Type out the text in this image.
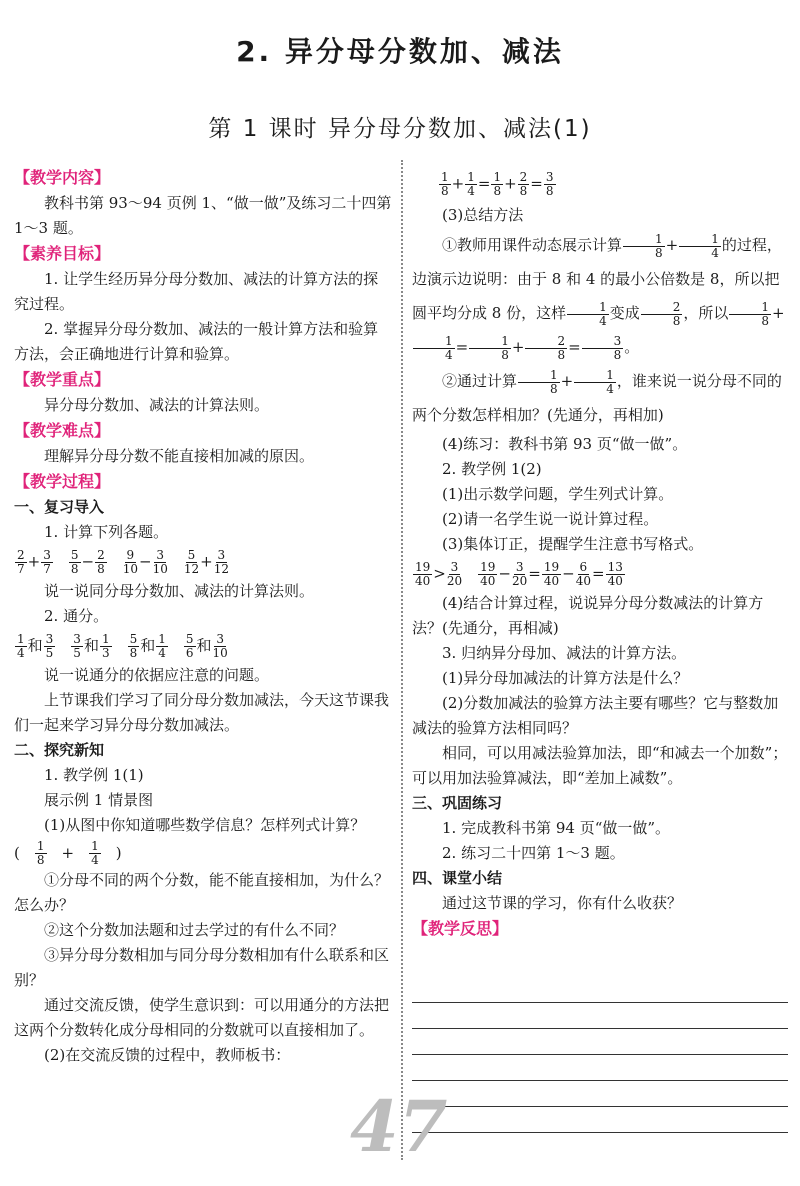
2. 异分母分数加、减法
第 1 课时 异分母分数加、减法(1)
【教学内容】

教科书第 93～94 页例 1、“做一做”及练习二十四第 1～3 题。

【素养目标】

1. 让学生经历异分母分数加、减法的计算方法的探究过程。

2. 掌握异分母分数加、减法的一般计算方法和验算方法，会正确地进行计算和验算。

【教学重点】

异分母分数加、减法的计算法则。

【教学难点】

理解异分母分数不能直接相加减的原因。

【教学过程】
一、复习导入

1. 计算下列各题。

$\frac{2}{7} + \frac{3}{7} \frac{5}{8} - \frac{2}{8} \frac{9}{10} - \frac{3}{10} \frac{5}{12} + \frac{3}{12}$

说一说同分母分数加、减法的计算法则。

2. 通分。

$\frac{1}{4}$ 和 $\frac{3}{5} \frac{3}{5}$ 和 $\frac{1}{3} \frac{5}{8}$ 和 $\frac{1}{4} \frac{5}{6}$ 和 $\frac{3}{10}$

说一说通分的依据应注意的问题。

上节课我们学习了同分母分数加减法，今天这节课我们一起来学习异分母分数加减法。

二、探究新知

1. 教学例 1(1)

展示例 1 情景图

(1)从图中你知道哪些数学信息？怎样列式计算？

( 1
8 + 1
4 )

①分母不同的两个分数，能不能直接相加，为什么？怎么办？

②这个分数加法题和过去学过的有什么不同？

③异分母分数相加与同分母分数相加有什么联系和区别？

通过交流反馈，使学生意识到：可以用通分的方法把这两个分数转化成分母相同的分数就可以直接相加了。

(2)在交流反馈的过程中，教师板书：

$\frac{1}{8} + \frac{1}{4} = \frac{1}{8} + \frac{2}{8} = \frac{3}{8}$

(3)总结方法

①教师用课件动态展示计算 $\frac{1}{8} + \frac{1}{4}$ 的过程，边演示边说明：由于 8 和 4 的最小公倍数是 8，所以把圆平均分成 8 份，这样 $\frac{1}{4}$ 变成 $\frac{2}{8}$ ，所以 $\frac{1}{8}$ +
$\frac{1}{4} = \frac{1}{8} + \frac{2}{8} = \frac{3}{8}$ 。

②通过计算 $\frac{1}{8} + \frac{1}{4}$ ，谁来说一说分母不同的两个分数怎样相加？(先通分，再相加)

(4)练习：教科书第 93 页“做一做”。

2. 教学例 1(2)

(1)出示数学问题，学生列式计算。

(2)请一名学生说一说计算过程。

(3)集体订正，提醒学生注意书写格式。

$\frac{19}{40} > \frac{3}{20} \frac{19}{40} - \frac{3}{20} = \frac{19}{40} - \frac{6}{40} = \frac{13}{40}$

(4)结合计算过程，说说异分母分数减法的计算方法？(先通分，再相减)

3. 归纳异分母加、减法的计算方法。

(1)异分母加减法的计算方法是什么？

(2)分数加减法的验算方法主要有哪些？它与整数加减法的验算方法相同吗？

相同，可以用减法验算加法，即“和减去一个加数”；可以用加法验算减法，即“差加上减数”。

三、巩固练习

1. 完成教科书第 94 页“做一做”。

2. 练习二十四第 1～3 题。

四、课堂小结

通过这节课的学习，你有什么收获？

【教学反思】
47
